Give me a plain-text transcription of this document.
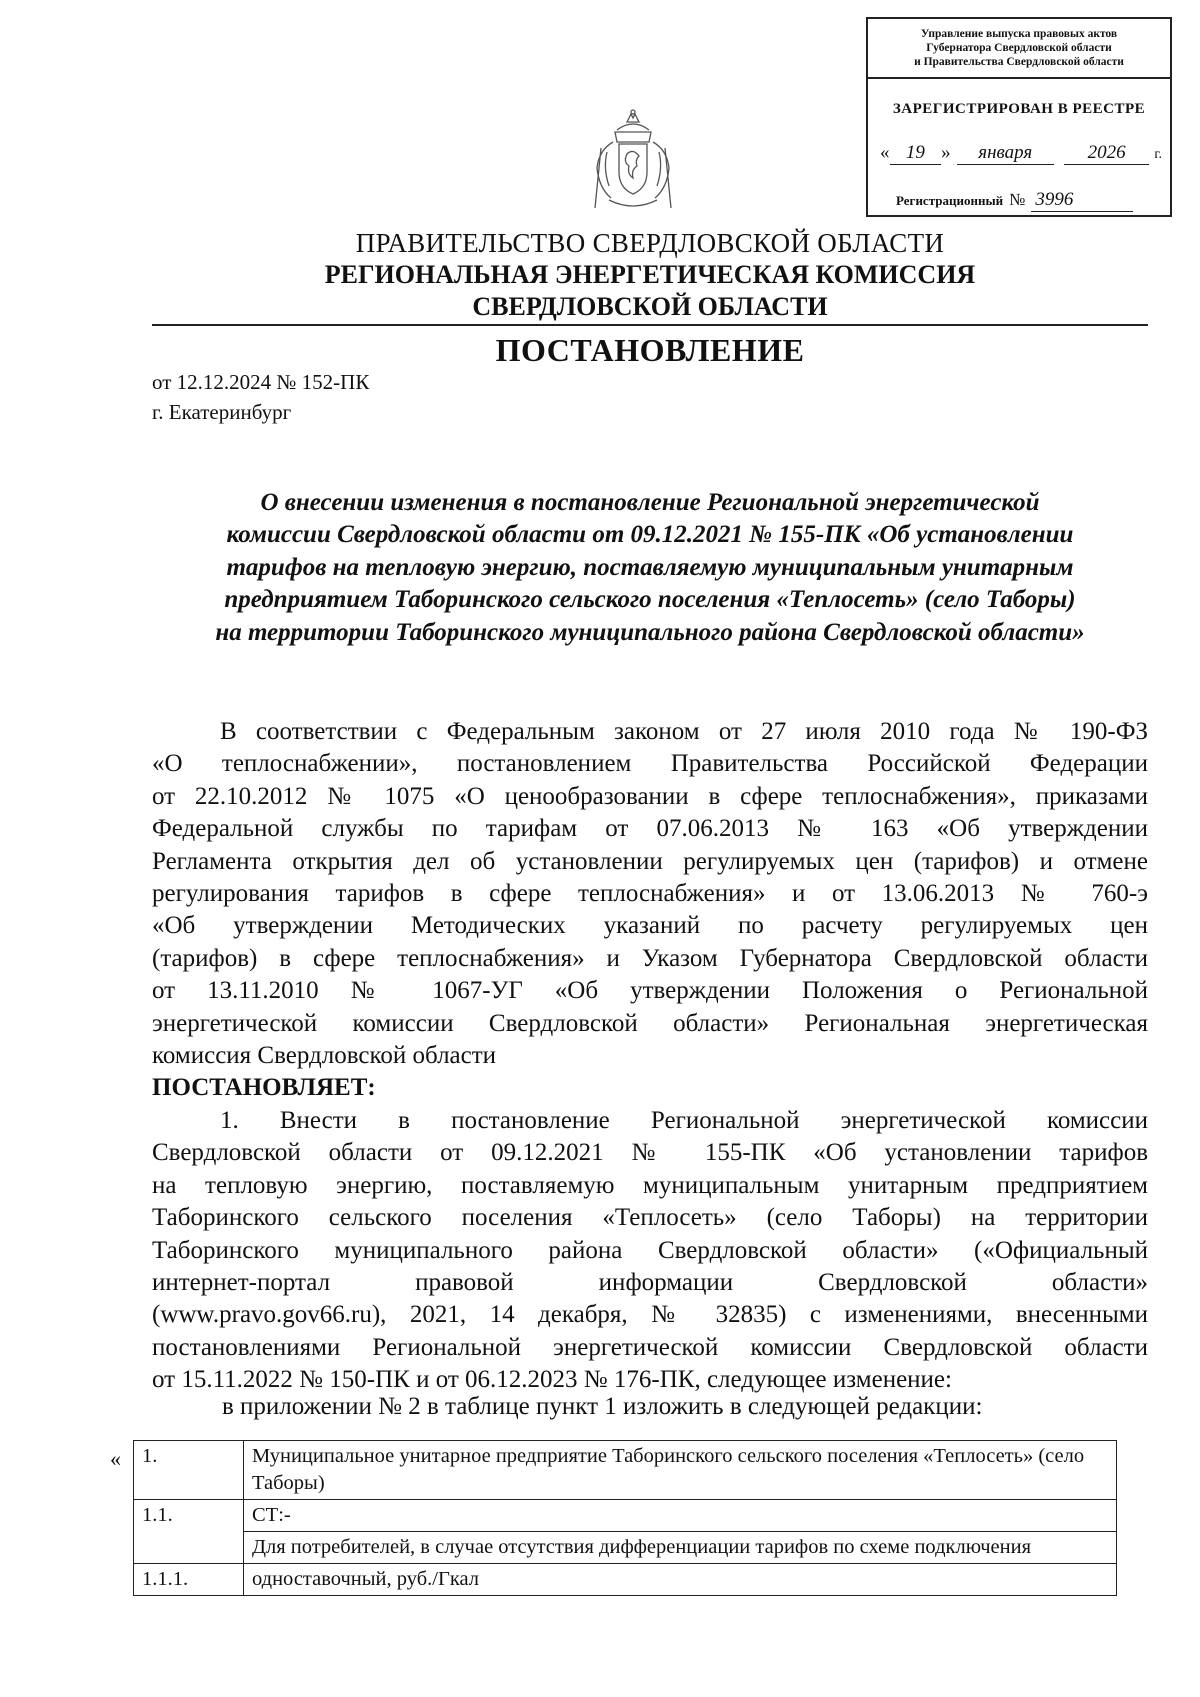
Управление выпуска правовых актов
Губернатора Свердловской области
и Правительства Свердловской области
ЗАРЕГИСТРИРОВАН В РЕЕСТРЕ
« 19 »	января	2026	г.
Регистрационный № 3996
ПРАВИТЕЛЬСТВО СВЕРДЛОВСКОЙ ОБЛАСТИ
РЕГИОНАЛЬНАЯ ЭНЕРГЕТИЧЕСКАЯ КОМИССИЯ
СВЕРДЛОВСКОЙ ОБЛАСТИ
ПОСТАНОВЛЕНИЕ
от 12.12.2024 № 152-ПК
г. Екатеринбург
О внесении изменения в постановление Региональной энергетической
комиссии Свердловской области от 09.12.2021 № 155-ПК «Об установлении
тарифов на тепловую энергию, поставляемую муниципальным унитарным
предприятием Таборинского сельского поселения «Теплосеть» (село Таборы)
на территории Таборинского муниципального района Свердловской области»
В соответствии с Федеральным законом от 27 июля 2010 года № 190-ФЗ
«О теплоснабжении», постановлением Правительства Российской Федерации
от 22.10.2012 № 1075 «О ценообразовании в сфере теплоснабжения», приказами
Федеральной службы по тарифам от 07.06.2013 № 163 «Об утверждении
Регламента открытия дел об установлении регулируемых цен (тарифов) и отмене
регулирования тарифов в сфере теплоснабжения» и от 13.06.2013 № 760-э
«Об утверждении Методических указаний по расчету регулируемых цен
(тарифов) в сфере теплоснабжения» и Указом Губернатора Свердловской области
от 13.11.2010 № 1067-УГ «Об утверждении Положения о Региональной
энергетической комиссии Свердловской области» Региональная энергетическая
комиссия Свердловской области
ПОСТАНОВЛЯЕТ:
1. Внести в постановление Региональной энергетической комиссии
Свердловской области от 09.12.2021 № 155-ПК «Об установлении тарифов
на тепловую энергию, поставляемую муниципальным унитарным предприятием
Таборинского сельского поселения «Теплосеть» (село Таборы) на территории
Таборинского муниципального района Свердловской области» («Официальный
интернет-портал правовой информации Свердловской области»
(www.pravo.gov66.ru), 2021, 14 декабря, № 32835) с изменениями, внесенными
постановлениями Региональной энергетической комиссии Свердловской области
от 15.11.2022 № 150-ПК и от 06.12.2023 № 176-ПК, следующее изменение:
в приложении № 2 в таблице пункт 1 изложить в следующей редакции:
« 1.	Муниципальное унитарное предприятие Таборинского сельского поселения «Теплосеть» (село Таборы)
1.1.	СТ:-
	Для потребителей, в случае отсутствия дифференциации тарифов по схеме подключения
1.1.1.	одноставочный, руб./Гкал
